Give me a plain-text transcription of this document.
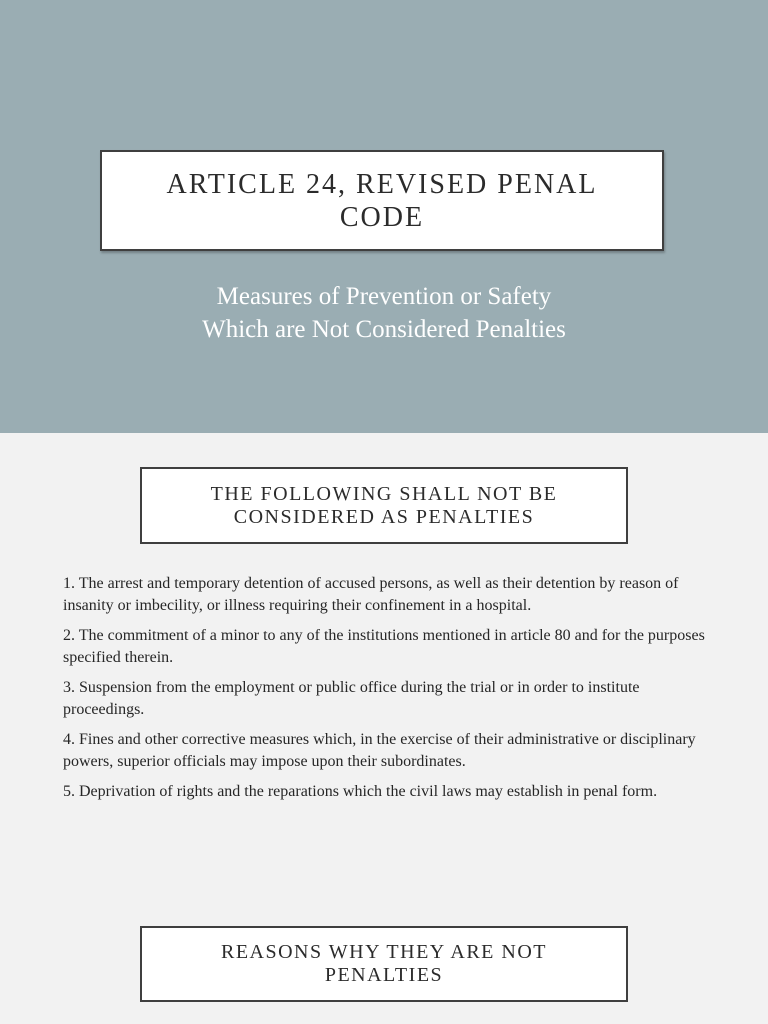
ARTICLE 24, REVISED PENAL
CODE
Measures of Prevention or Safety
Which are Not Considered Penalties
THE FOLLOWING SHALL NOT BE
CONSIDERED AS PENALTIES
1. The arrest and temporary detention of accused persons, as well as their detention by reason of insanity or imbecility, or illness requiring their confinement in a hospital.
2. The commitment of a minor to any of the institutions mentioned in article 80 and for the purposes specified therein.
3. Suspension from the employment or public office during the trial or in order to institute proceedings.
4. Fines and other corrective measures which, in the exercise of their administrative or disciplinary powers, superior officials may impose upon their subordinates.
5. Deprivation of rights and the reparations which the civil laws may establish in penal form.
REASONS WHY THEY ARE NOT
PENALTIES
